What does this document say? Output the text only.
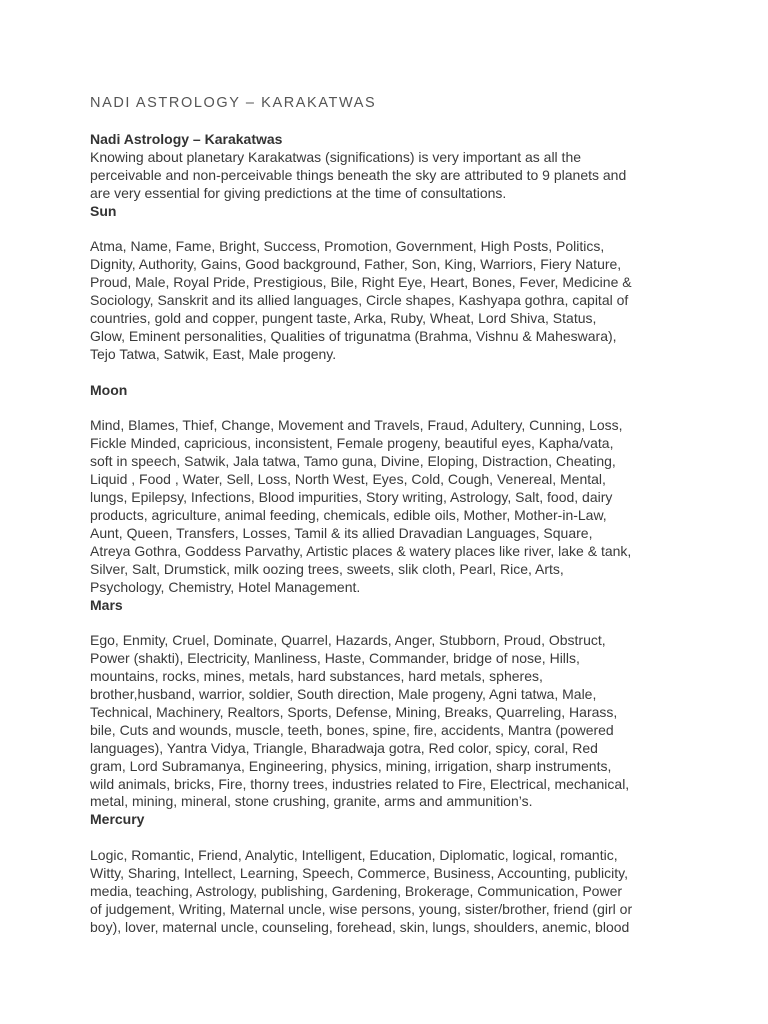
NADI ASTROLOGY – KARAKATWAS
Nadi Astrology – Karakatwas
Knowing about planetary Karakatwas (significations) is very important as all the
perceivable and non-perceivable things beneath the sky are attributed to 9 planets and
are very essential for giving predictions at the time of consultations.
Sun
Atma, Name, Fame, Bright, Success, Promotion, Government, High Posts, Politics,
Dignity, Authority, Gains, Good background, Father, Son, King, Warriors, Fiery Nature,
Proud, Male, Royal Pride, Prestigious, Bile, Right Eye, Heart, Bones, Fever, Medicine &
Sociology, Sanskrit and its allied languages, Circle shapes, Kashyapa gothra, capital of
countries, gold and copper, pungent taste, Arka, Ruby, Wheat, Lord Shiva, Status,
Glow, Eminent personalities, Qualities of trigunatma (Brahma, Vishnu & Maheswara),
Tejo Tatwa, Satwik, East, Male progeny.
Moon
Mind, Blames, Thief, Change, Movement and Travels, Fraud, Adultery, Cunning, Loss,
Fickle Minded, capricious, inconsistent, Female progeny, beautiful eyes, Kapha/vata,
soft in speech, Satwik, Jala tatwa, Tamo guna, Divine, Eloping, Distraction, Cheating,
Liquid , Food , Water, Sell, Loss, North West, Eyes, Cold, Cough, Venereal, Mental,
lungs, Epilepsy, Infections, Blood impurities, Story writing, Astrology, Salt, food, dairy
products, agriculture, animal feeding, chemicals, edible oils, Mother, Mother-in-Law,
Aunt, Queen, Transfers, Losses, Tamil & its allied Dravadian Languages, Square,
Atreya Gothra, Goddess Parvathy, Artistic places & watery places like river, lake & tank,
Silver, Salt, Drumstick, milk oozing trees, sweets, slik cloth, Pearl, Rice, Arts,
Psychology, Chemistry, Hotel Management.
Mars
Ego, Enmity, Cruel, Dominate, Quarrel, Hazards, Anger, Stubborn, Proud, Obstruct,
Power (shakti), Electricity, Manliness, Haste, Commander, bridge of nose, Hills,
mountains, rocks, mines, metals, hard substances, hard metals, spheres,
brother,husband, warrior, soldier, South direction, Male progeny, Agni tatwa, Male,
Technical, Machinery, Realtors, Sports, Defense, Mining, Breaks, Quarreling, Harass,
bile, Cuts and wounds, muscle, teeth, bones, spine, fire, accidents, Mantra (powered
languages), Yantra Vidya, Triangle, Bharadwaja gotra, Red color, spicy, coral, Red
gram, Lord Subramanya, Engineering, physics, mining, irrigation, sharp instruments,
wild animals, bricks, Fire, thorny trees, industries related to Fire, Electrical, mechanical,
metal, mining, mineral, stone crushing, granite, arms and ammunition’s.
Mercury
Logic, Romantic, Friend, Analytic, Intelligent, Education, Diplomatic, logical, romantic,
Witty, Sharing, Intellect, Learning, Speech, Commerce, Business, Accounting, publicity,
media, teaching, Astrology, publishing, Gardening, Brokerage, Communication, Power
of judgement, Writing, Maternal uncle, wise persons, young, sister/brother, friend (girl or
boy), lover, maternal uncle, counseling, forehead, skin, lungs, shoulders, anemic, blood
